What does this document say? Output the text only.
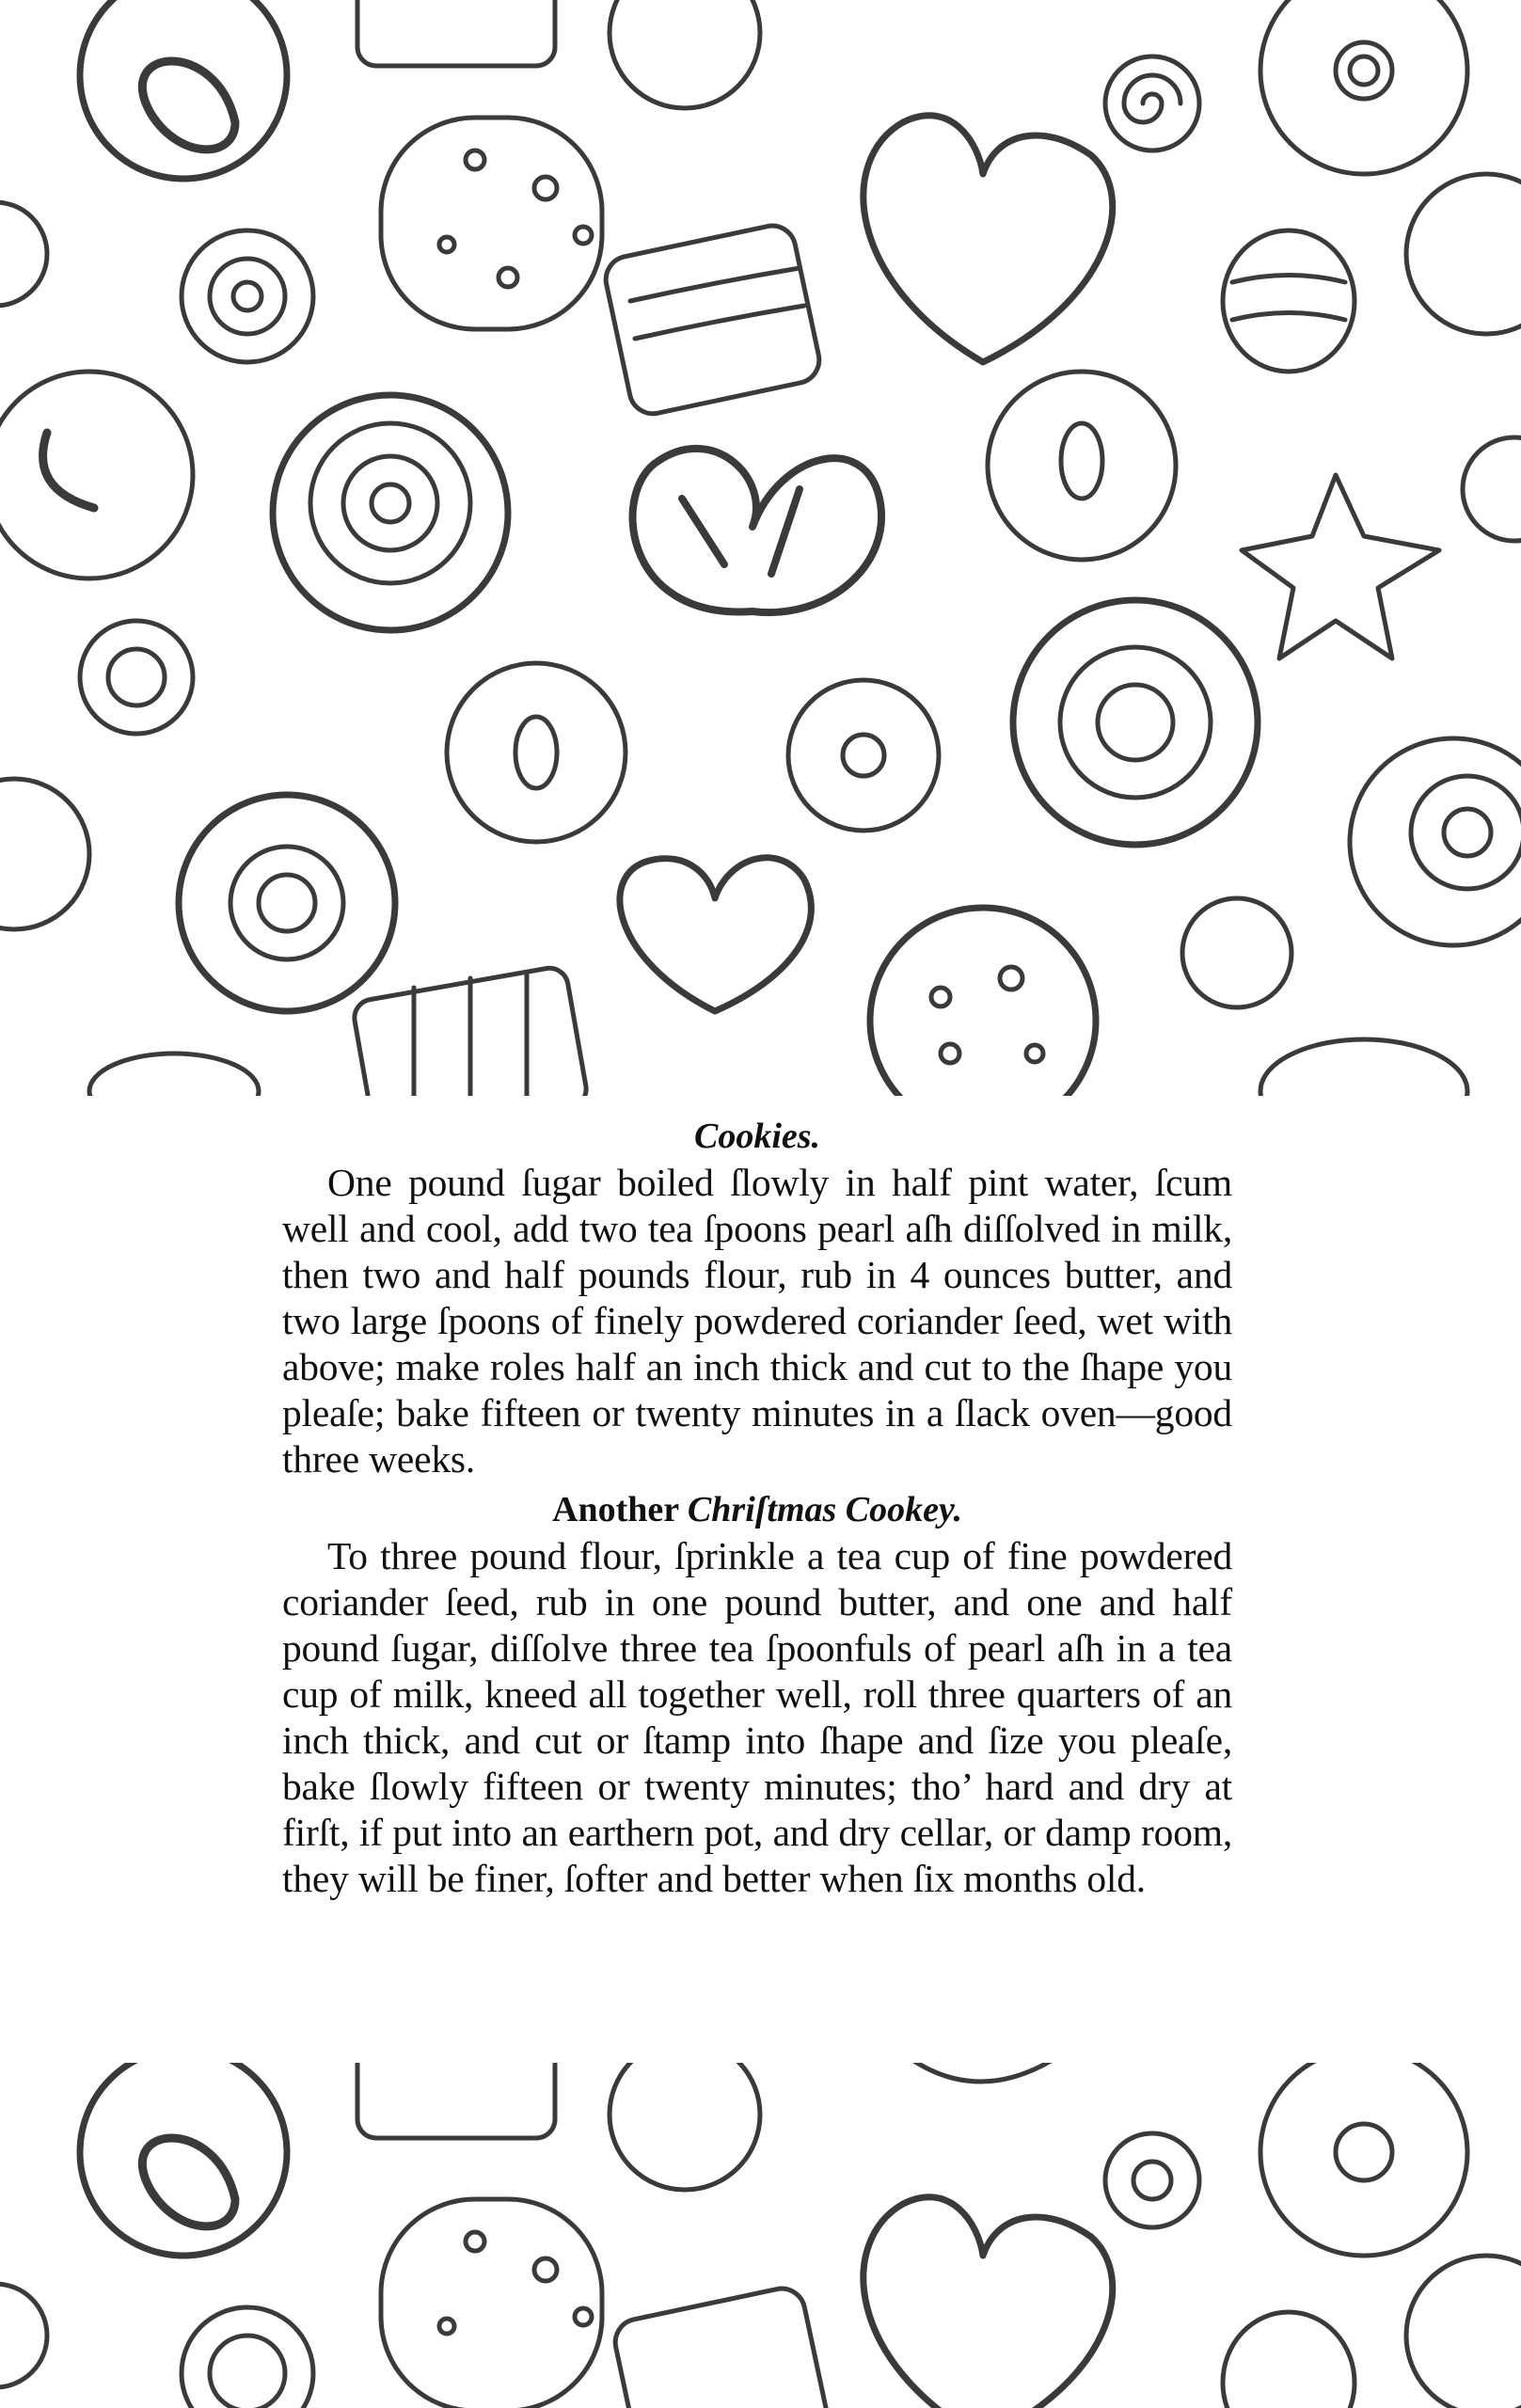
Cookies.

One pound ſugar boiled ſlowly in half pint water, ſcum well and cool, add two tea ſpoons pearl aſh diſſolved in milk, then two and half pounds flour, rub in 4 ounces butter, and two large ſpoons of finely powdered coriander ſeed, wet with above; make roles half an inch thick and cut to the ſhape you pleaſe; bake fifteen or twenty minutes in a ſlack oven—good three weeks.

Another Chriſtmas Cookey.

To three pound flour, ſprinkle a tea cup of fine powdered coriander ſeed, rub in one pound butter, and one and half pound ſugar, diſſolve three tea ſpoonfuls of pearl aſh in a tea cup of milk, kneed all together well, roll three quarters of an inch thick, and cut or ſtamp into ſhape and ſize you pleaſe, bake ſlowly fifteen or twenty minutes; tho’ hard and dry at firſt, if put into an earthern pot, and dry cellar, or damp room, they will be finer, ſofter and better when ſix months old.
